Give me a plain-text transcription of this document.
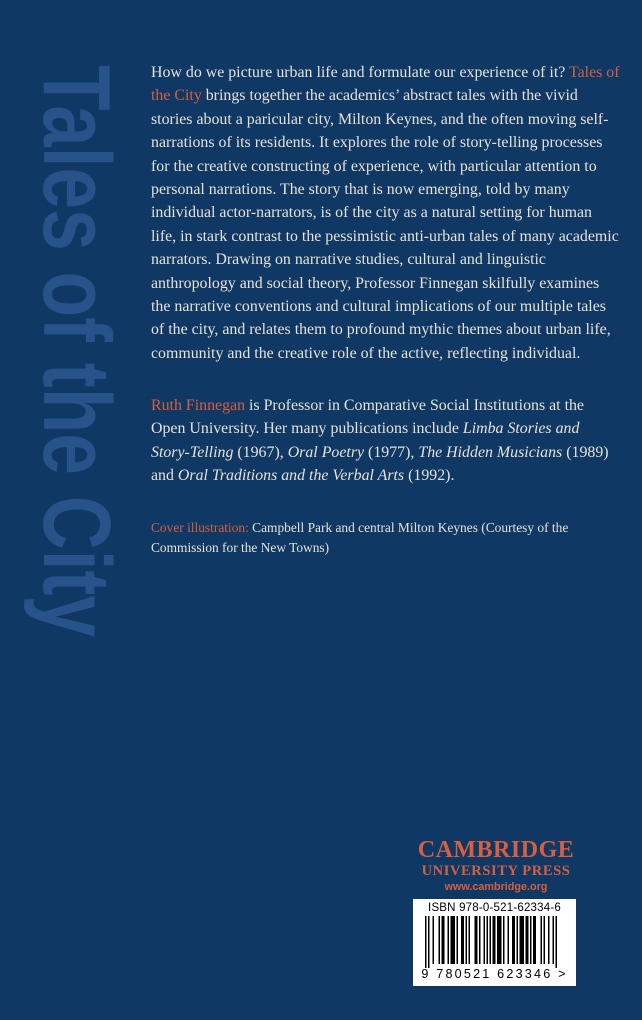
Tales of the City How do we picture urban life and formulate our experience of it? Tales of the City brings together the academics’ abstract tales with the vivid stories about a paricular city, Milton Keynes, and the often moving self-narrations of its residents. It explores the role of story-telling processes for the creative constructing of experience, with particular attention to personal narrations. The story that is now emerging, told by many individual actor-narrators, is of the city as a natural setting for human life, in stark contrast to the pessimistic anti-urban tales of many academic narrators. Drawing on narrative studies, cultural and linguistic anthropology and social theory, Professor Finnegan skilfully examines the narrative conventions and cultural implications of our multiple tales of the city, and relates them to profound mythic themes about urban life, community and the creative role of the active, reflecting individual.

Ruth Finnegan is Professor in Comparative Social Institutions at the Open University. Her many publications include Limba Stories and Story-Telling (1967), Oral Poetry (1977), The Hidden Musicians (1989) and Oral Traditions and the Verbal Arts (1992).

Cover illustration: Campbell Park and central Milton Keynes (Courtesy of the Commission for the New Towns)

CAMBRIDGE
UNIVERSITY PRESS
www.cambridge.org
ISBN 978-0-521-62334-6
9 780521 623346 >
